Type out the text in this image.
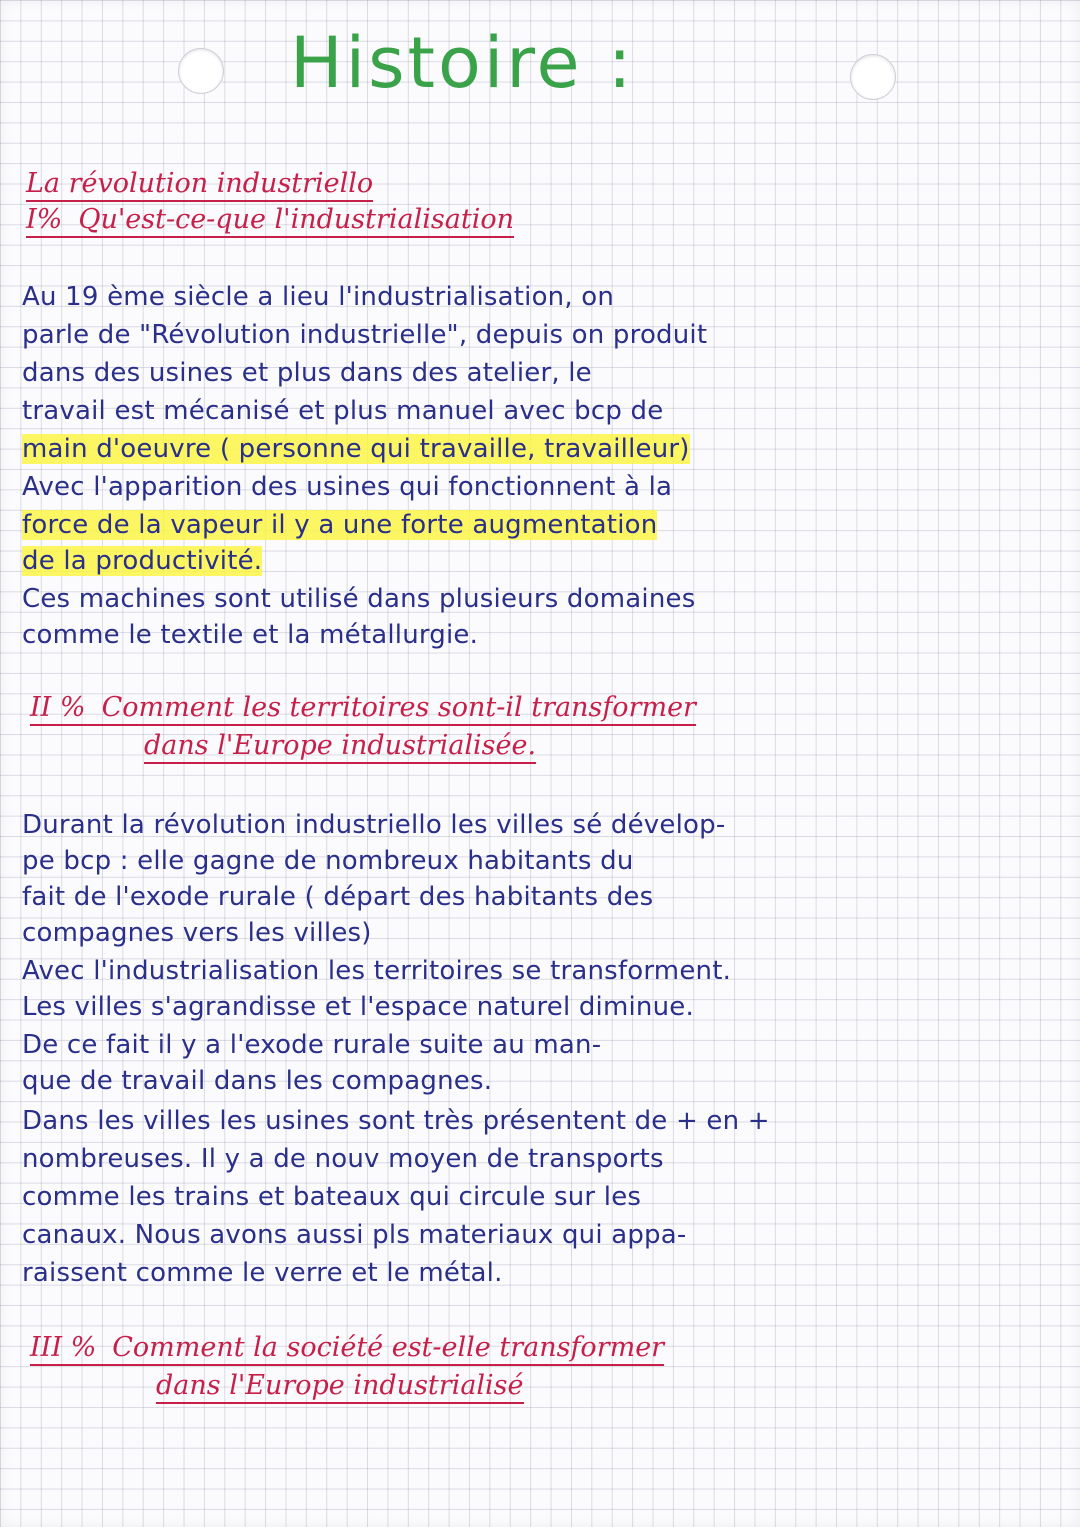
Histoire :
La révolution industriello
I% Qu'est-ce-que l'industrialisation

Au 19 ème siècle a lieu l'industrialisation, on

parle de "Révolution industrielle", depuis on produit

dans des usines et plus dans des atelier, le

travail est mécanisé et plus manuel avec bcp de

main d'oeuvre ( personne qui travaille, travailleur)

Avec l'apparition des usines qui fonctionnent à la

force de la vapeur il y a une forte augmentation

de la productivité.

Ces machines sont utilisé dans plusieurs domaines

comme le textile et la métallurgie.

II % Comment les territoires sont-il transformer
dans l'Europe industrialisée.

Durant la révolution industriello les villes sé dévelop-

pe bcp : elle gagne de nombreux habitants du

fait de l'exode rurale ( départ des habitants des

compagnes vers les villes)

Avec l'industrialisation les territoires se transforment.

Les villes s'agrandisse et l'espace naturel diminue.

De ce fait il y a l'exode rurale suite au man-

que de travail dans les compagnes.

Dans les villes les usines sont très présentent de + en +

nombreuses. Il y a de nouv moyen de transports

comme les trains et bateaux qui circule sur les

canaux. Nous avons aussi pls materiaux qui appa-

raissent comme le verre et le métal.

III % Comment la société est-elle transformer
dans l'Europe industrialisé
